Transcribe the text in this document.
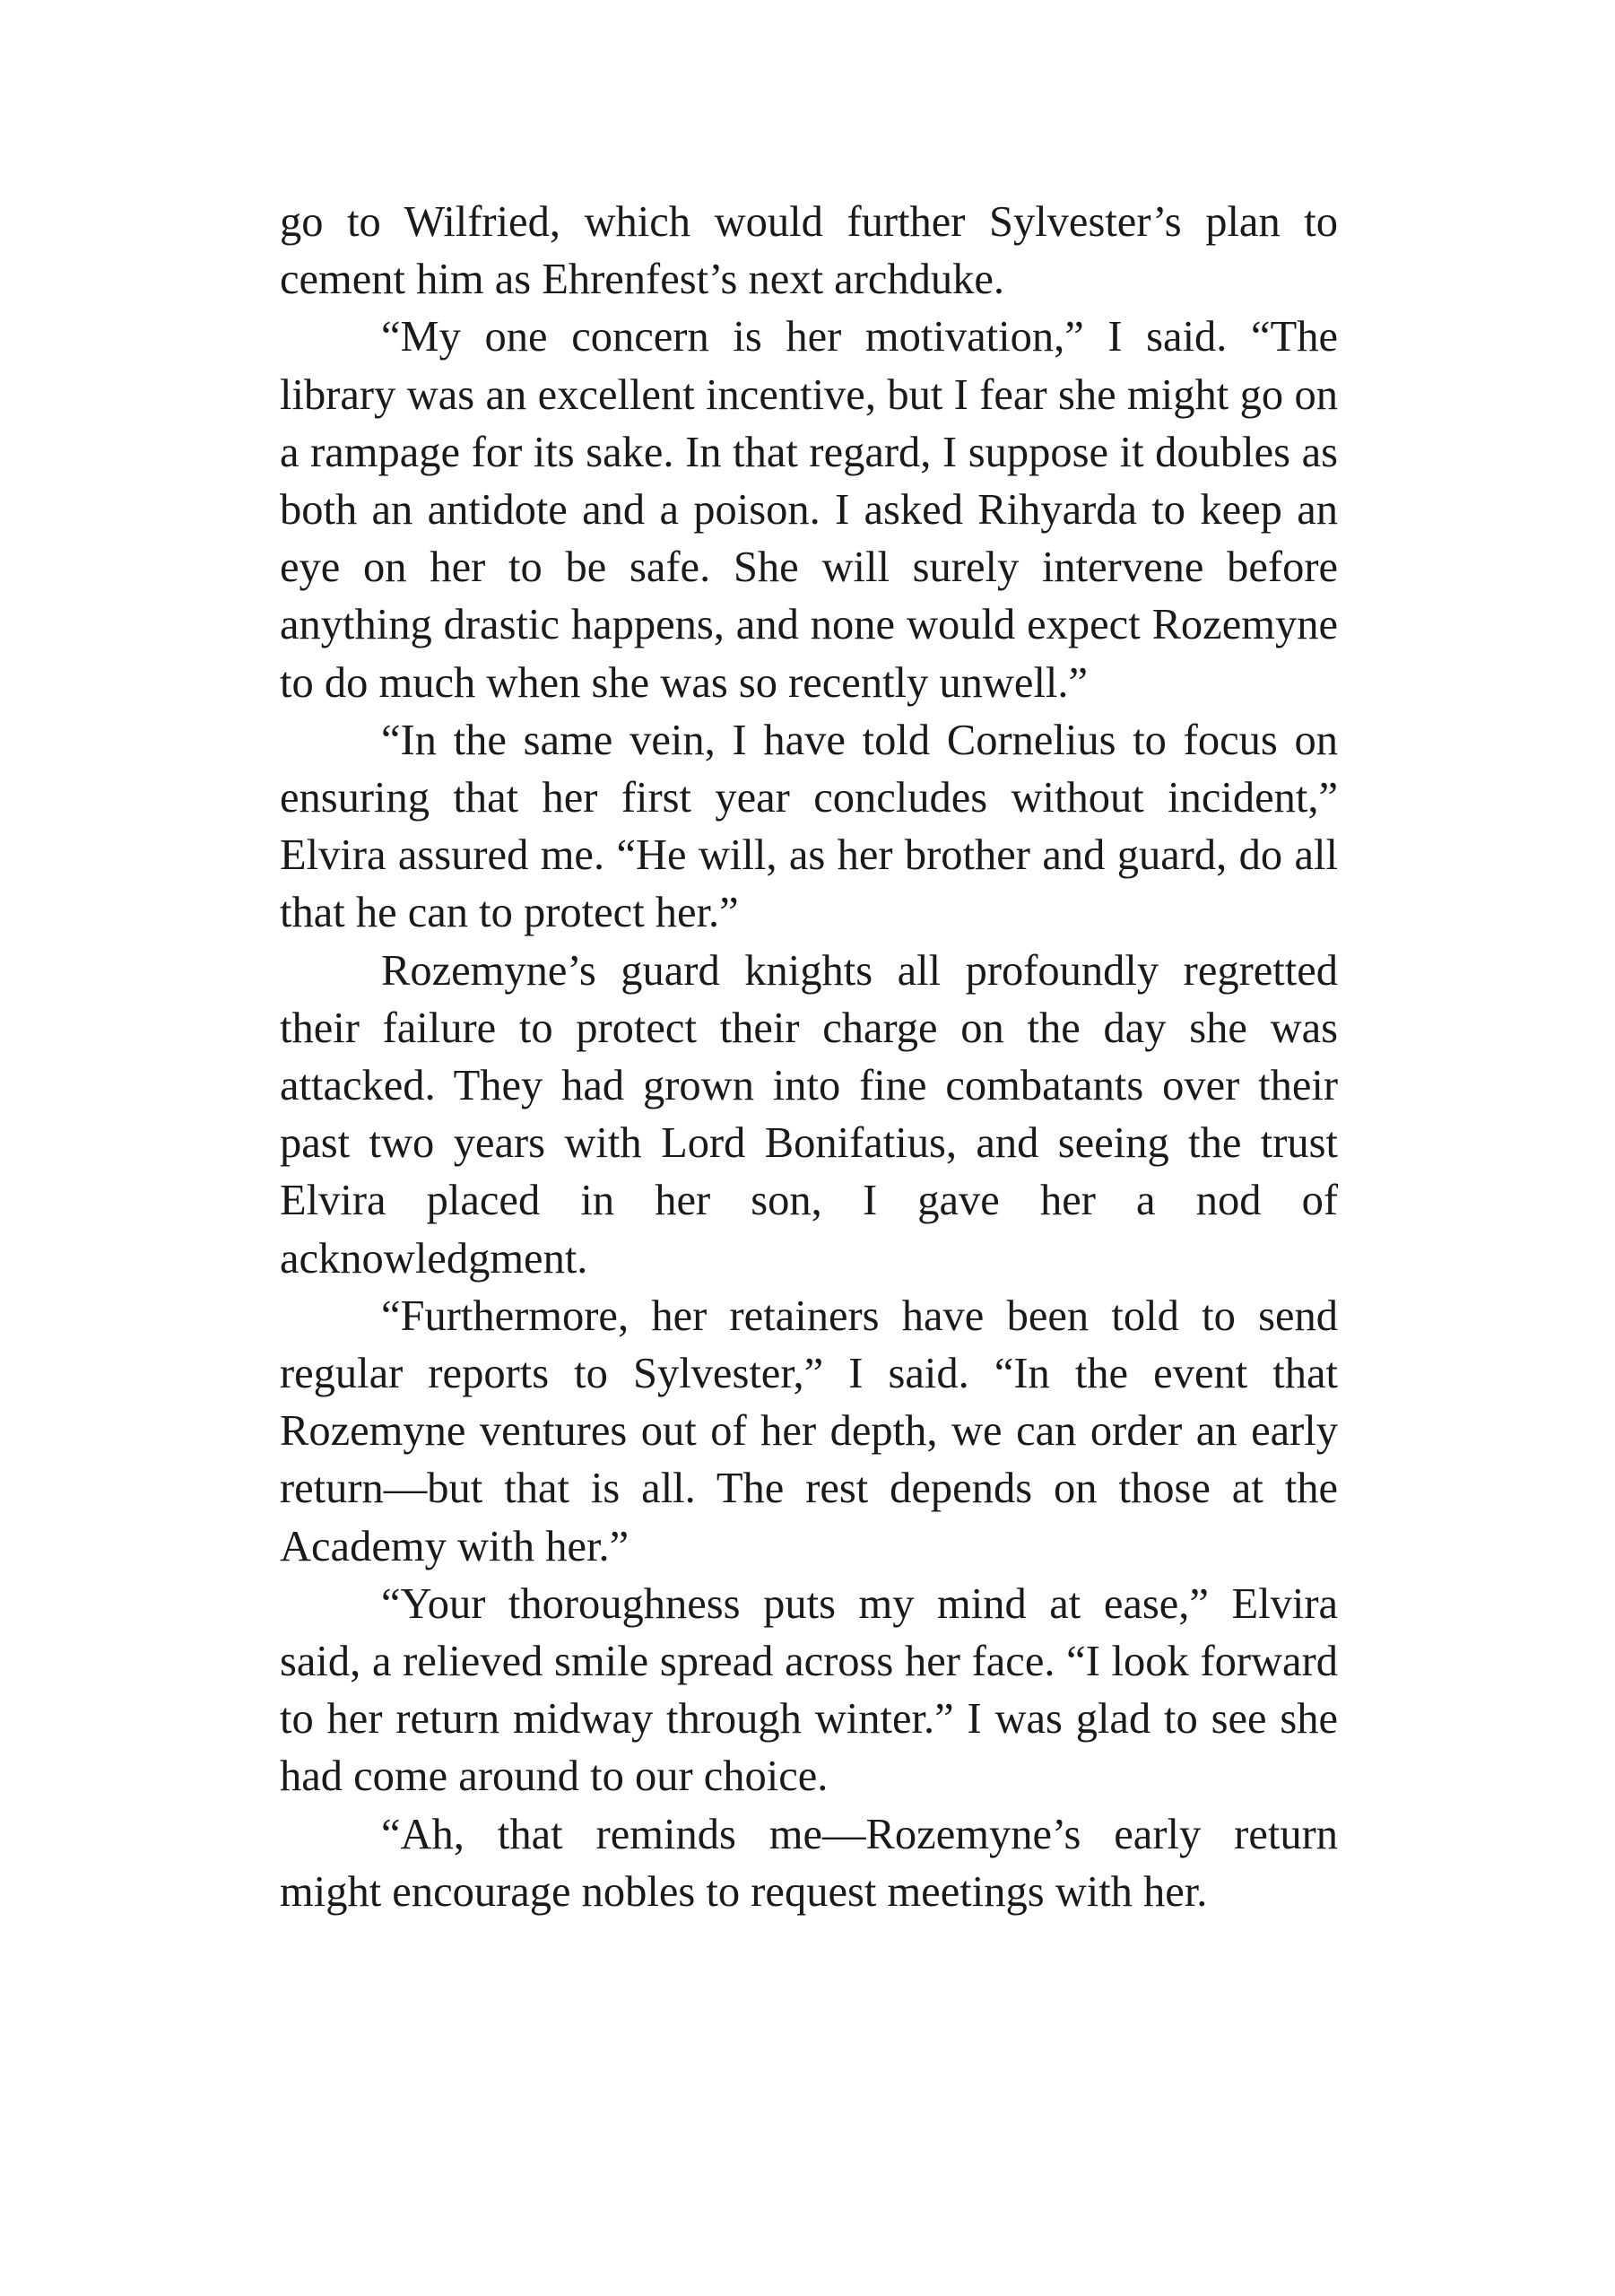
go to Wilfried, which would further Sylvester’s plan to cement him as Ehrenfest’s next archduke.

“My one concern is her motivation,” I said. “The library was an excellent incentive, but I fear she might go on a rampage for its sake. In that regard, I suppose it doubles as both an antidote and a poison. I asked Rihyarda to keep an eye on her to be safe. She will surely intervene before anything drastic happens, and none would expect Rozemyne to do much when she was so recently unwell.”

“In the same vein, I have told Cornelius to focus on ensuring that her first year concludes without incident,” Elvira assured me. “He will, as her brother and guard, do all that he can to protect her.”

Rozemyne’s guard knights all profoundly regretted their failure to protect their charge on the day she was attacked. They had grown into fine combatants over their past two years with Lord Bonifatius, and seeing the trust Elvira placed in her son, I gave her a nod of acknowledgment.

“Furthermore, her retainers have been told to send regular reports to Sylvester,” I said. “In the event that Rozemyne ventures out of her depth, we can order an early return—but that is all. The rest depends on those at the Academy with her.”

“Your thoroughness puts my mind at ease,” Elvira said, a relieved smile spread across her face. “I look forward to her return midway through winter.” I was glad to see she had come around to our choice.

“Ah, that reminds me—Rozemyne’s early return might encourage nobles to request meetings with her.
